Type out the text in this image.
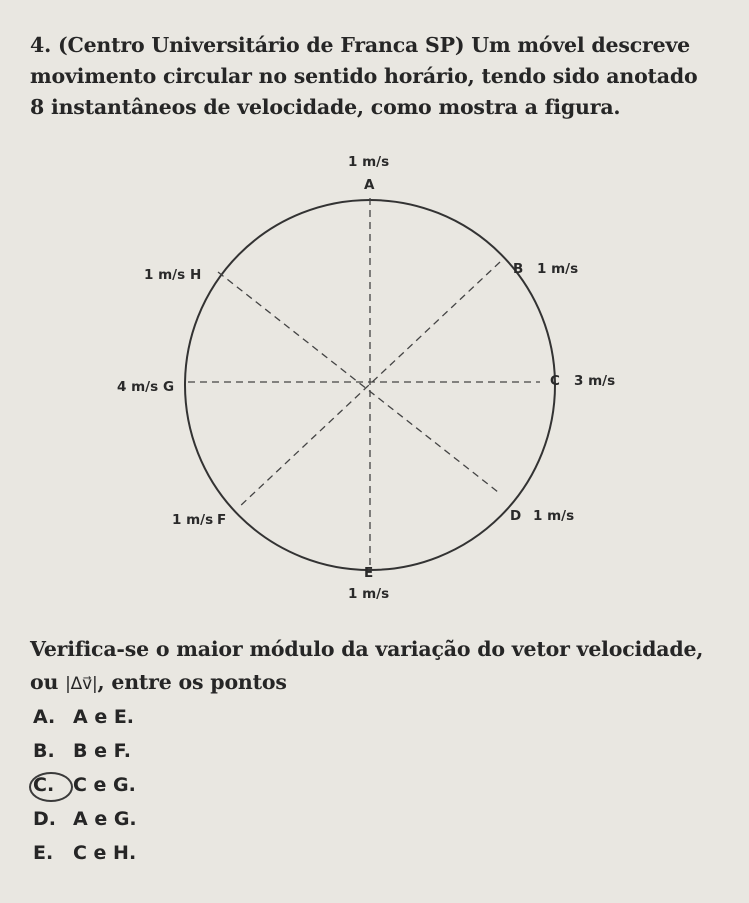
4. (Centro Universitário de Franca SP) Um móvel descreve
movimento circular no sentido horário, tendo sido anotado
8 instantâneos de velocidade, como mostra a figura.
1 m/s
A
B 1 m/s
C 3 m/s
D 1 m/s
E
1 m/s
1 m/s F
4 m/s G
1 m/s H
Verifica-se o maior módulo da variação do vetor velocidade,
ou |Δv⃗|, entre os pontos
A. A e E.
B. B e F.
C. C e G.
D. A e G.
E. C e H.
